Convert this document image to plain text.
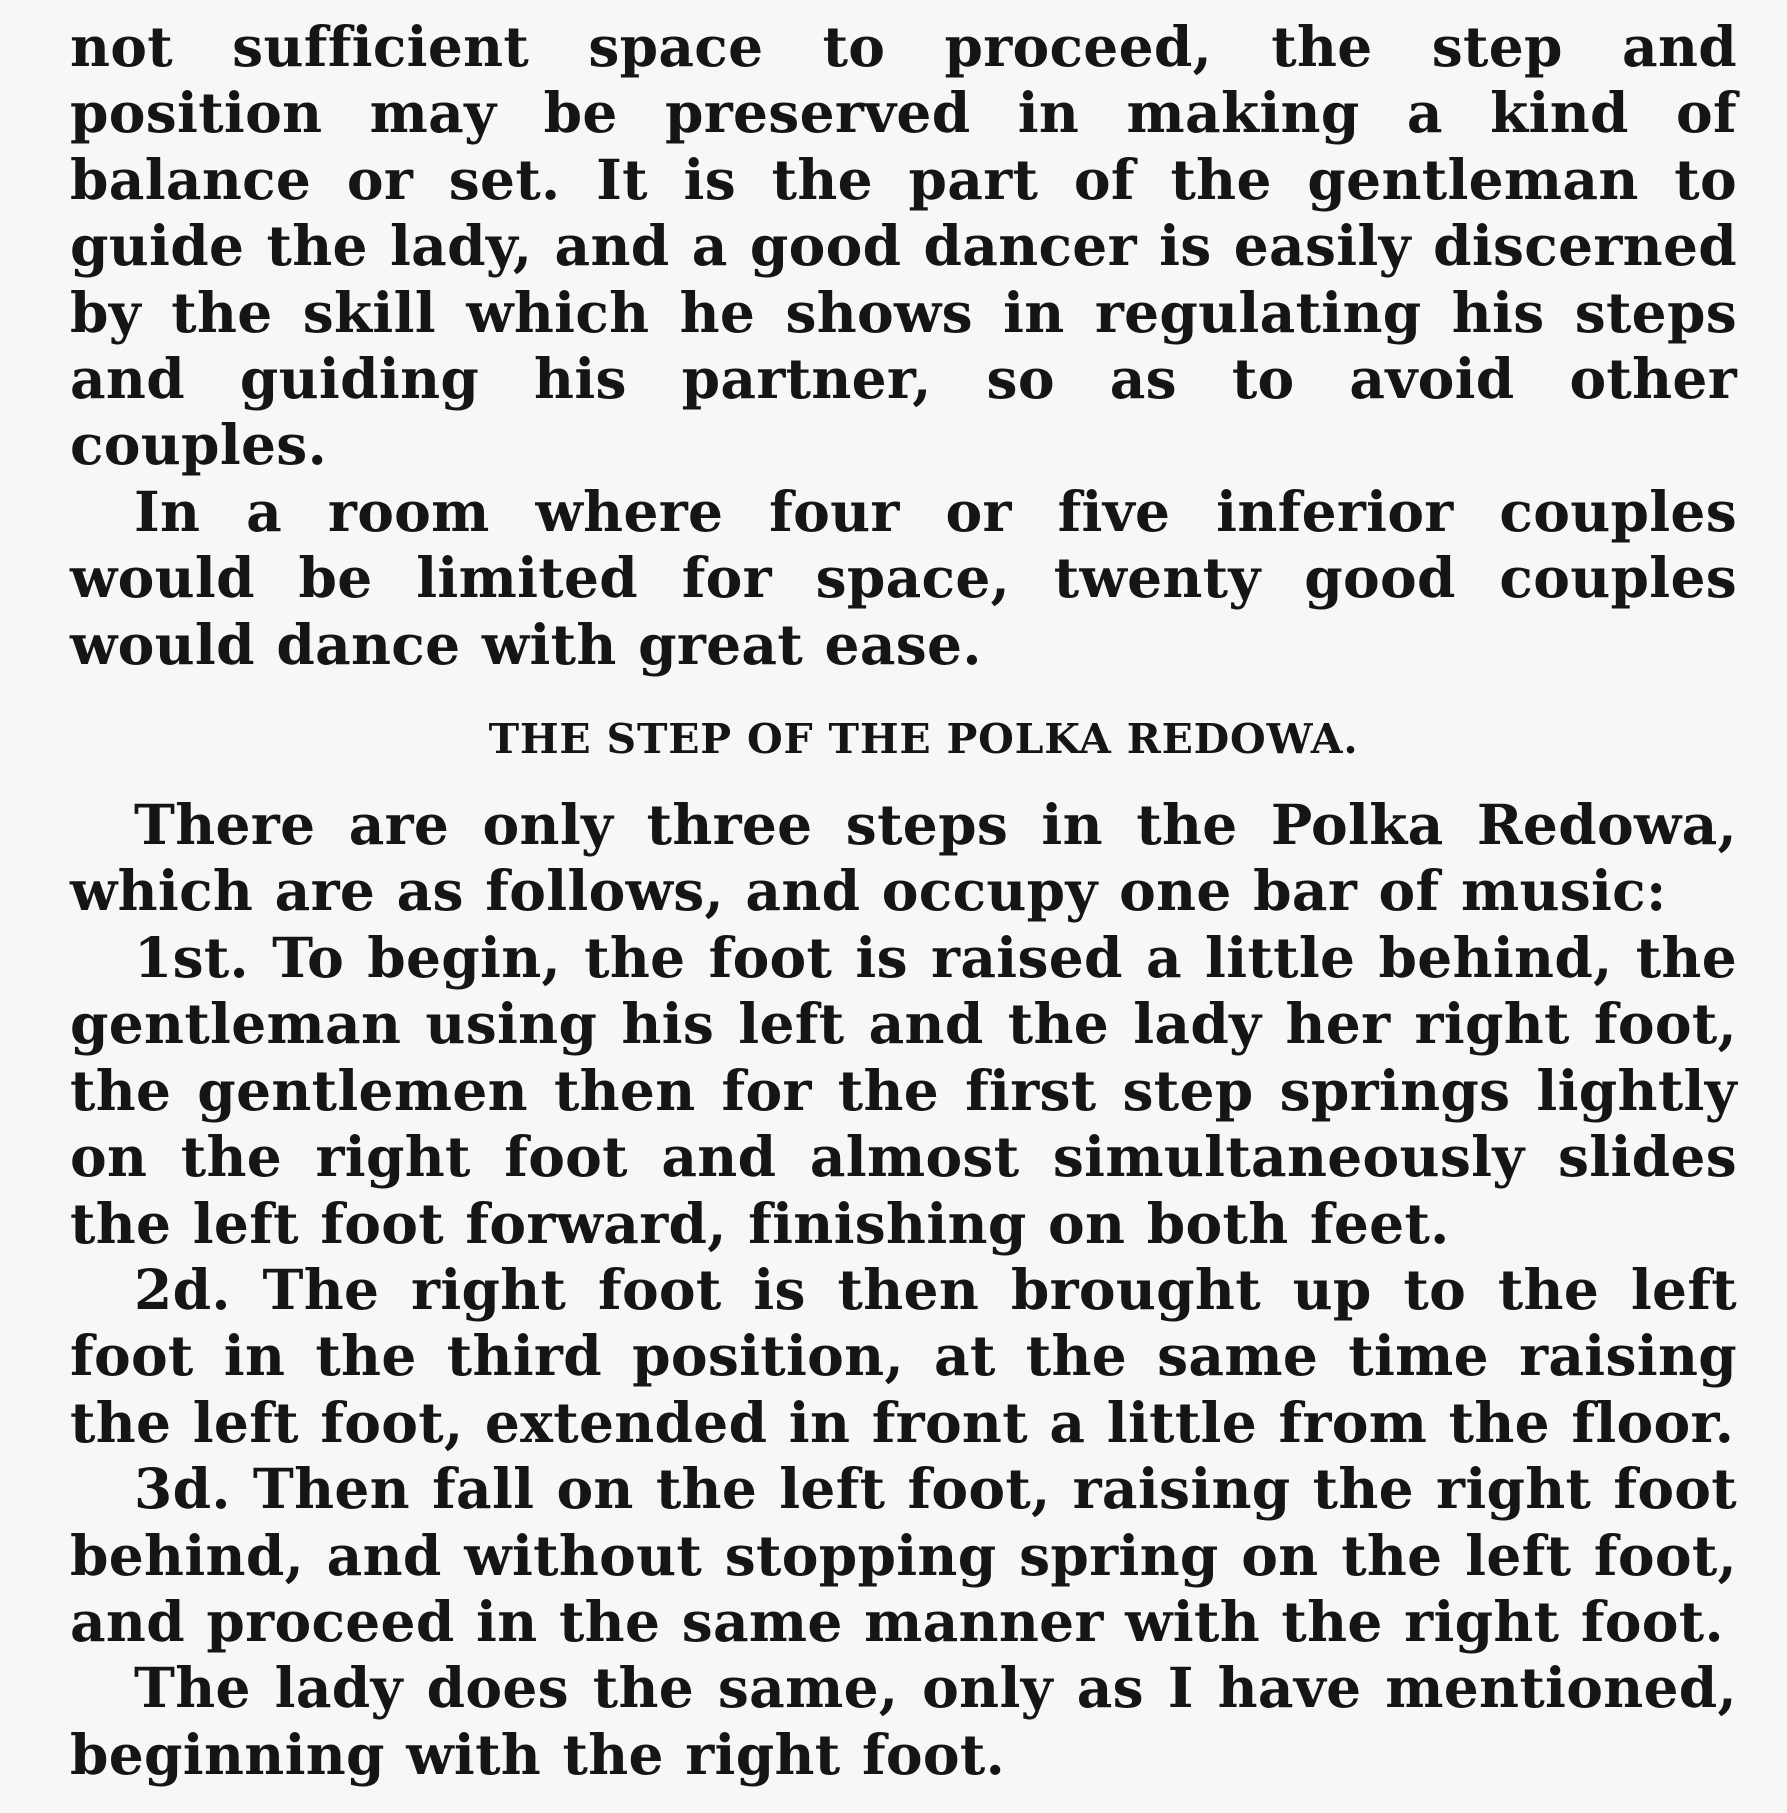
not sufficient space to proceed, the step and position may be preserved in making a kind of balance or set. It is the part of the gentleman to guide the lady, and a good dancer is easily discerned by the skill which he shows in regulating his steps and guiding his partner, so as to avoid other couples.

In a room where four or five inferior couples would be limited for space, twenty good couples would dance with great ease.

THE STEP OF THE POLKA REDOWA.

There are only three steps in the Polka Redowa, which are as follows, and occupy one bar of music:

1st. To begin, the foot is raised a little behind, the gentleman using his left and the lady her right foot, the gentlemen then for the first step springs lightly on the right foot and almost simultaneously slides the left foot forward, finishing on both feet.

2d. The right foot is then brought up to the left foot in the third position, at the same time raising the left foot, extended in front a little from the floor.

3d. Then fall on the left foot, raising the right foot behind, and without stopping spring on the left foot, and proceed in the same manner with the right foot.

The lady does the same, only as I have mentioned, beginning with the right foot.
